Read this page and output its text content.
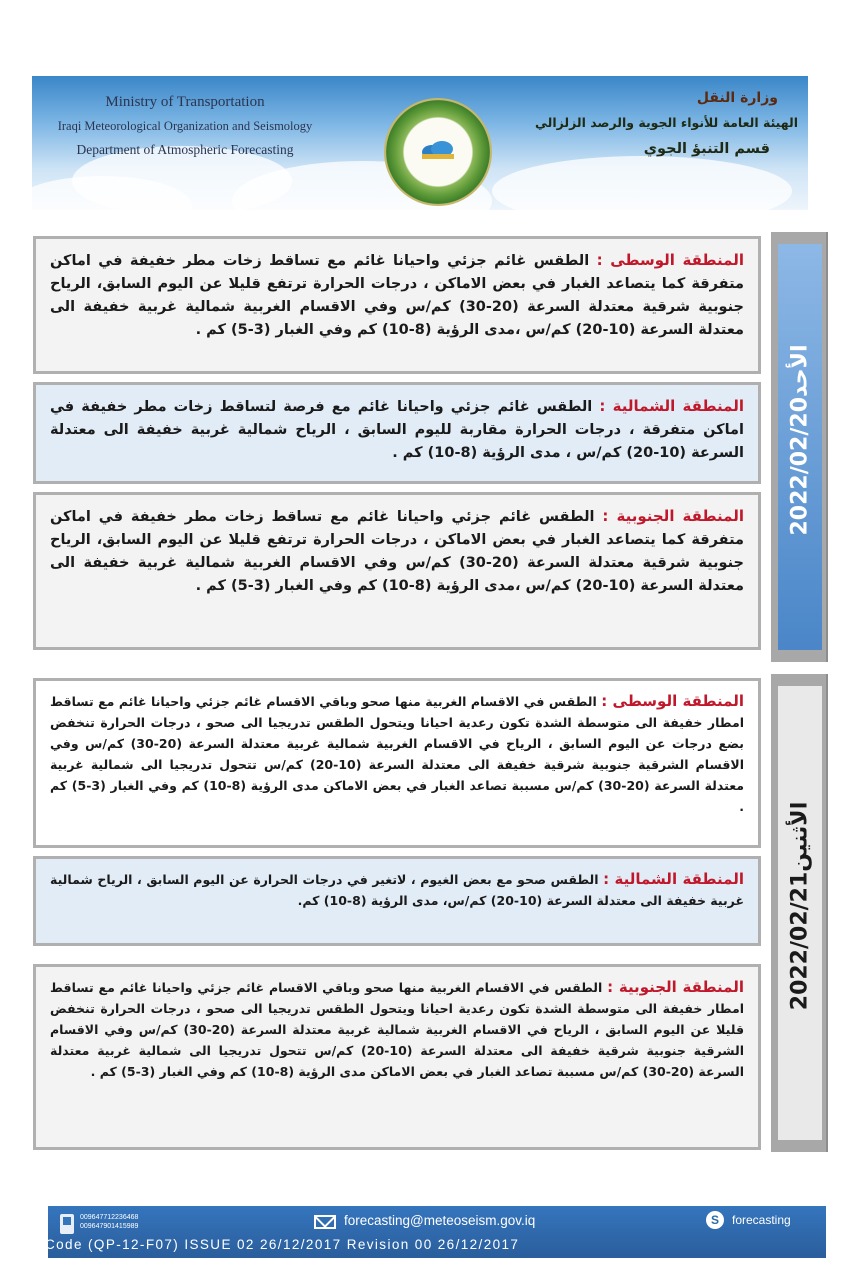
Ministry of Transportation
Iraqi Meteorological Organization and Seismology
Department of Atmospheric Forecasting
وزارة النقل
الهيئة العامة للأنواء الجوية والرصد الزلزالي
قسم التنبؤ الجوي
الأحد2022/02/20
المنطقة الوسطى : الطقس غائم جزئي واحيانا غائم مع تساقط زخات مطر خفيفة في اماكن متفرقة كما يتصاعد الغبار في بعض الاماكن ، درجات الحرارة ترتفع قليلا عن اليوم السابق، الرياح جنوبية شرقية معتدلة السرعة (20-30) كم/س وفي الاقسام الغربية شمالية غربية خفيفة الى معتدلة السرعة (10-20) كم/س ،مدى الرؤية (8-10) كم وفي الغبار (3-5) كم .
المنطقة الشمالية : الطقس غائم جزئي واحيانا غائم مع فرصة لتساقط زخات مطر خفيفة في اماكن متفرقة ، درجات الحرارة مقاربة لليوم السابق ، الرياح شمالية غربية خفيفة الى معتدلة السرعة (10-20) كم/س ، مدى الرؤية (8-10) كم .
المنطقة الجنوبية : الطقس غائم جزئي واحيانا غائم مع تساقط زخات مطر خفيفة في اماكن متفرقة كما يتصاعد الغبار في بعض الاماكن ، درجات الحرارة ترتفع قليلا عن اليوم السابق، الرياح جنوبية شرقية معتدلة السرعة (20-30) كم/س وفي الاقسام الغربية شمالية غربية خفيفة الى معتدلة السرعة (10-20) كم/س ،مدى الرؤية (8-10) كم وفي الغبار (3-5) كم .
الأثنين2022/02/21
المنطقة الوسطى : الطقس في الاقسام الغربية منها صحو وباقي الاقسام غائم جزئي واحيانا غائم مع تساقط امطار خفيفة الى متوسطة الشدة تكون رعدية احيانا ويتحول الطقس تدريجيا الى صحو ، درجات الحرارة تنخفض بضع درجات عن اليوم السابق ، الرياح في الاقسام الغربية شمالية غربية معتدلة السرعة (20-30) كم/س وفي الاقسام الشرقية جنوبية شرقية خفيفة الى معتدلة السرعة (10-20) كم/س تتحول تدريجيا الى شمالية غربية معتدلة السرعة (20-30) كم/س مسببة تصاعد الغبار في بعض الاماكن مدى الرؤية (8-10) كم وفي الغبار (3-5) كم .
المنطقة الشمالية : الطقس صحو مع بعض الغيوم ، لاتغير في درجات الحرارة عن اليوم السابق ، الرياح شمالية غربية خفيفة الى معتدلة السرعة (10-20) كم/س، مدى الرؤية (8-10) كم.
المنطقة الجنوبية : الطقس في الاقسام الغربية منها صحو وباقي الاقسام غائم جزئي واحيانا غائم مع تساقط امطار خفيفة الى متوسطة الشدة تكون رعدية احيانا ويتحول الطقس تدريجيا الى صحو ، درجات الحرارة تنخفض قليلا عن اليوم السابق ، الرياح في الاقسام الغربية شمالية غربية معتدلة السرعة (20-30) كم/س وفي الاقسام الشرقية جنوبية شرقية خفيفة الى معتدلة السرعة (10-20) كم/س تتحول تدريجيا الى شمالية غربية معتدلة السرعة (20-30) كم/س مسببة تصاعد الغبار في بعض الاماكن مدى الرؤية (8-10) كم وفي الغبار (3-5) كم .
009647712236468
009647901415989	forecasting@meteoseism.gov.iq	S	forecasting
Code (QP-12-F07) ISSUE 02 26/12/2017 Revision 00 26/12/2017
